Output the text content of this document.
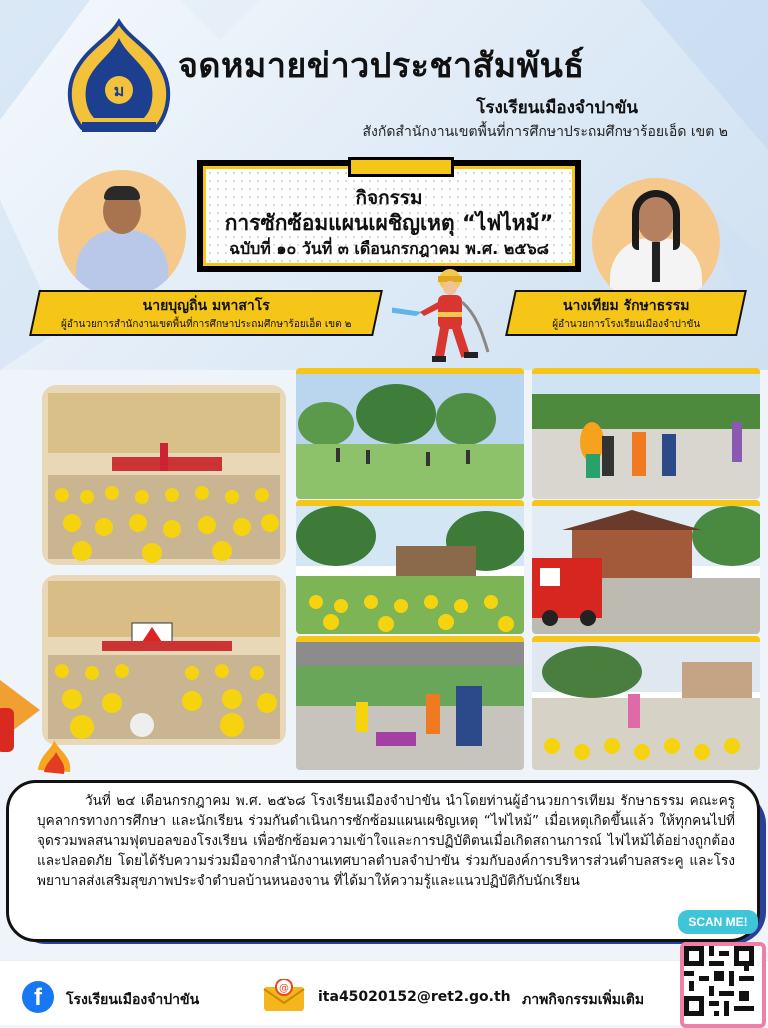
ม
จดหมายข่าวประชาสัมพันธ์
โรงเรียนเมืองจำปาขัน
สังกัดสำนักงานเขตพื้นที่การศึกษาประถมศึกษาร้อยเอ็ด เขต ๒
กิจกรรม
การซักซ้อมแผนเผชิญเหตุ “ไฟไหม้”
ฉบับที่ ๑๐ วันที่ ๓ เดือนกรกฎาคม พ.ศ. ๒๕๖๘
นายบุญถิ่น มหาสาโร
ผู้อำนวยการสำนักงานเขตพื้นที่การศึกษาประถมศึกษาร้อยเอ็ด เขต ๒
นางเทียม รักษาธรรม
ผู้อำนวยการโรงเรียนเมืองจำปาขัน
วันที่ ๒๔ เดือนกรกฎาคม พ.ศ. ๒๕๖๘ โรงเรียนเมืองจำปาขัน นำโดยท่านผู้อำนวยการเทียม รักษาธรรม คณะครู บุคลากรทางการศึกษา และนักเรียน ร่วมกันดำเนินการซักซ้อมแผนเผชิญเหตุ “ไฟไหม้” เมื่อเหตุเกิดขึ้นแล้ว ให้ทุกคนไปที่จุดรวมพลสนามฟุตบอลของโรงเรียน เพื่อซักซ้อมความเข้าใจและการปฏิบัติตนเมื่อเกิดสถานการณ์ ไฟไหม้ได้อย่างถูกต้องและปลอดภัย โดยได้รับความร่วมมือจากสำนักงานเทศบาลตำบลจำปาขัน ร่วมกับองค์การบริหารส่วนตำบลสระคู และโรงพยาบาลส่งเสริมสุขภาพประจำตำบลบ้านหนองจาน ที่ได้มาให้ความรู้และแนวปฏิบัติกับนักเรียน
SCAN ME!
f	โรงเรียนเมืองจำปาขัน
@
ita45020152@ret2.go.th ภาพกิจกรรมเพิ่มเติม
